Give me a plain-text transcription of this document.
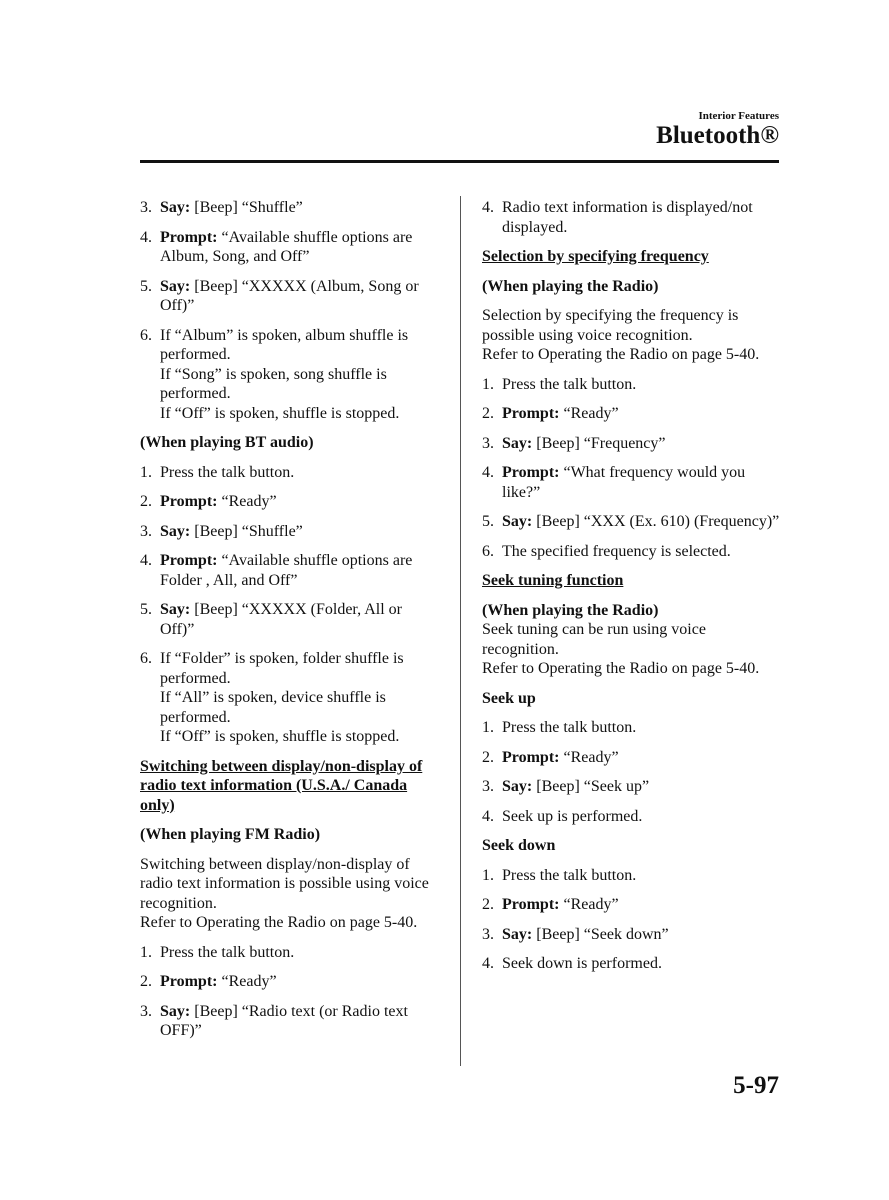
Interior Features
Bluetooth®
3. Say: [Beep] “Shuffle”
4. Prompt: “Available shuffle options are Album, Song, and Off”
5. Say: [Beep] “XXXXX (Album, Song or Off)”
6. If “Album” is spoken, album shuffle is performed.
If “Song” is spoken, song shuffle is performed.
If “Off” is spoken, shuffle is stopped.
(When playing BT audio)
1. Press the talk button.
2. Prompt: “Ready”
3. Say: [Beep] “Shuffle”
4. Prompt: “Available shuffle options are Folder , All, and Off”
5. Say: [Beep] “XXXXX (Folder, All or Off)”
6. If “Folder” is spoken, folder shuffle is performed.
If “All” is spoken, device shuffle is performed.
If “Off” is spoken, shuffle is stopped.
Switching between display/non-display of radio text information (U.S.A./ Canada only)
(When playing FM Radio)
Switching between display/non-display of radio text information is possible using voice recognition.
Refer to Operating the Radio on page 5-40.
1. Press the talk button.
2. Prompt: “Ready”
3. Say: [Beep] “Radio text (or Radio text OFF)”
4. Radio text information is displayed/not displayed.
Selection by specifying frequency
(When playing the Radio)
Selection by specifying the frequency is possible using voice recognition.
Refer to Operating the Radio on page 5-40.
1. Press the talk button.
2. Prompt: “Ready”
3. Say: [Beep] “Frequency”
4. Prompt: “What frequency would you like?”
5. Say: [Beep] “XXX (Ex. 610) (Frequency)”
6. The specified frequency is selected.
Seek tuning function
(When playing the Radio)
Seek tuning can be run using voice recognition.
Refer to Operating the Radio on page 5-40.
Seek up
1. Press the talk button.
2. Prompt: “Ready”
3. Say: [Beep] “Seek up”
4. Seek up is performed.
Seek down
1. Press the talk button.
2. Prompt: “Ready”
3. Say: [Beep] “Seek down”
4. Seek down is performed.
5-97
